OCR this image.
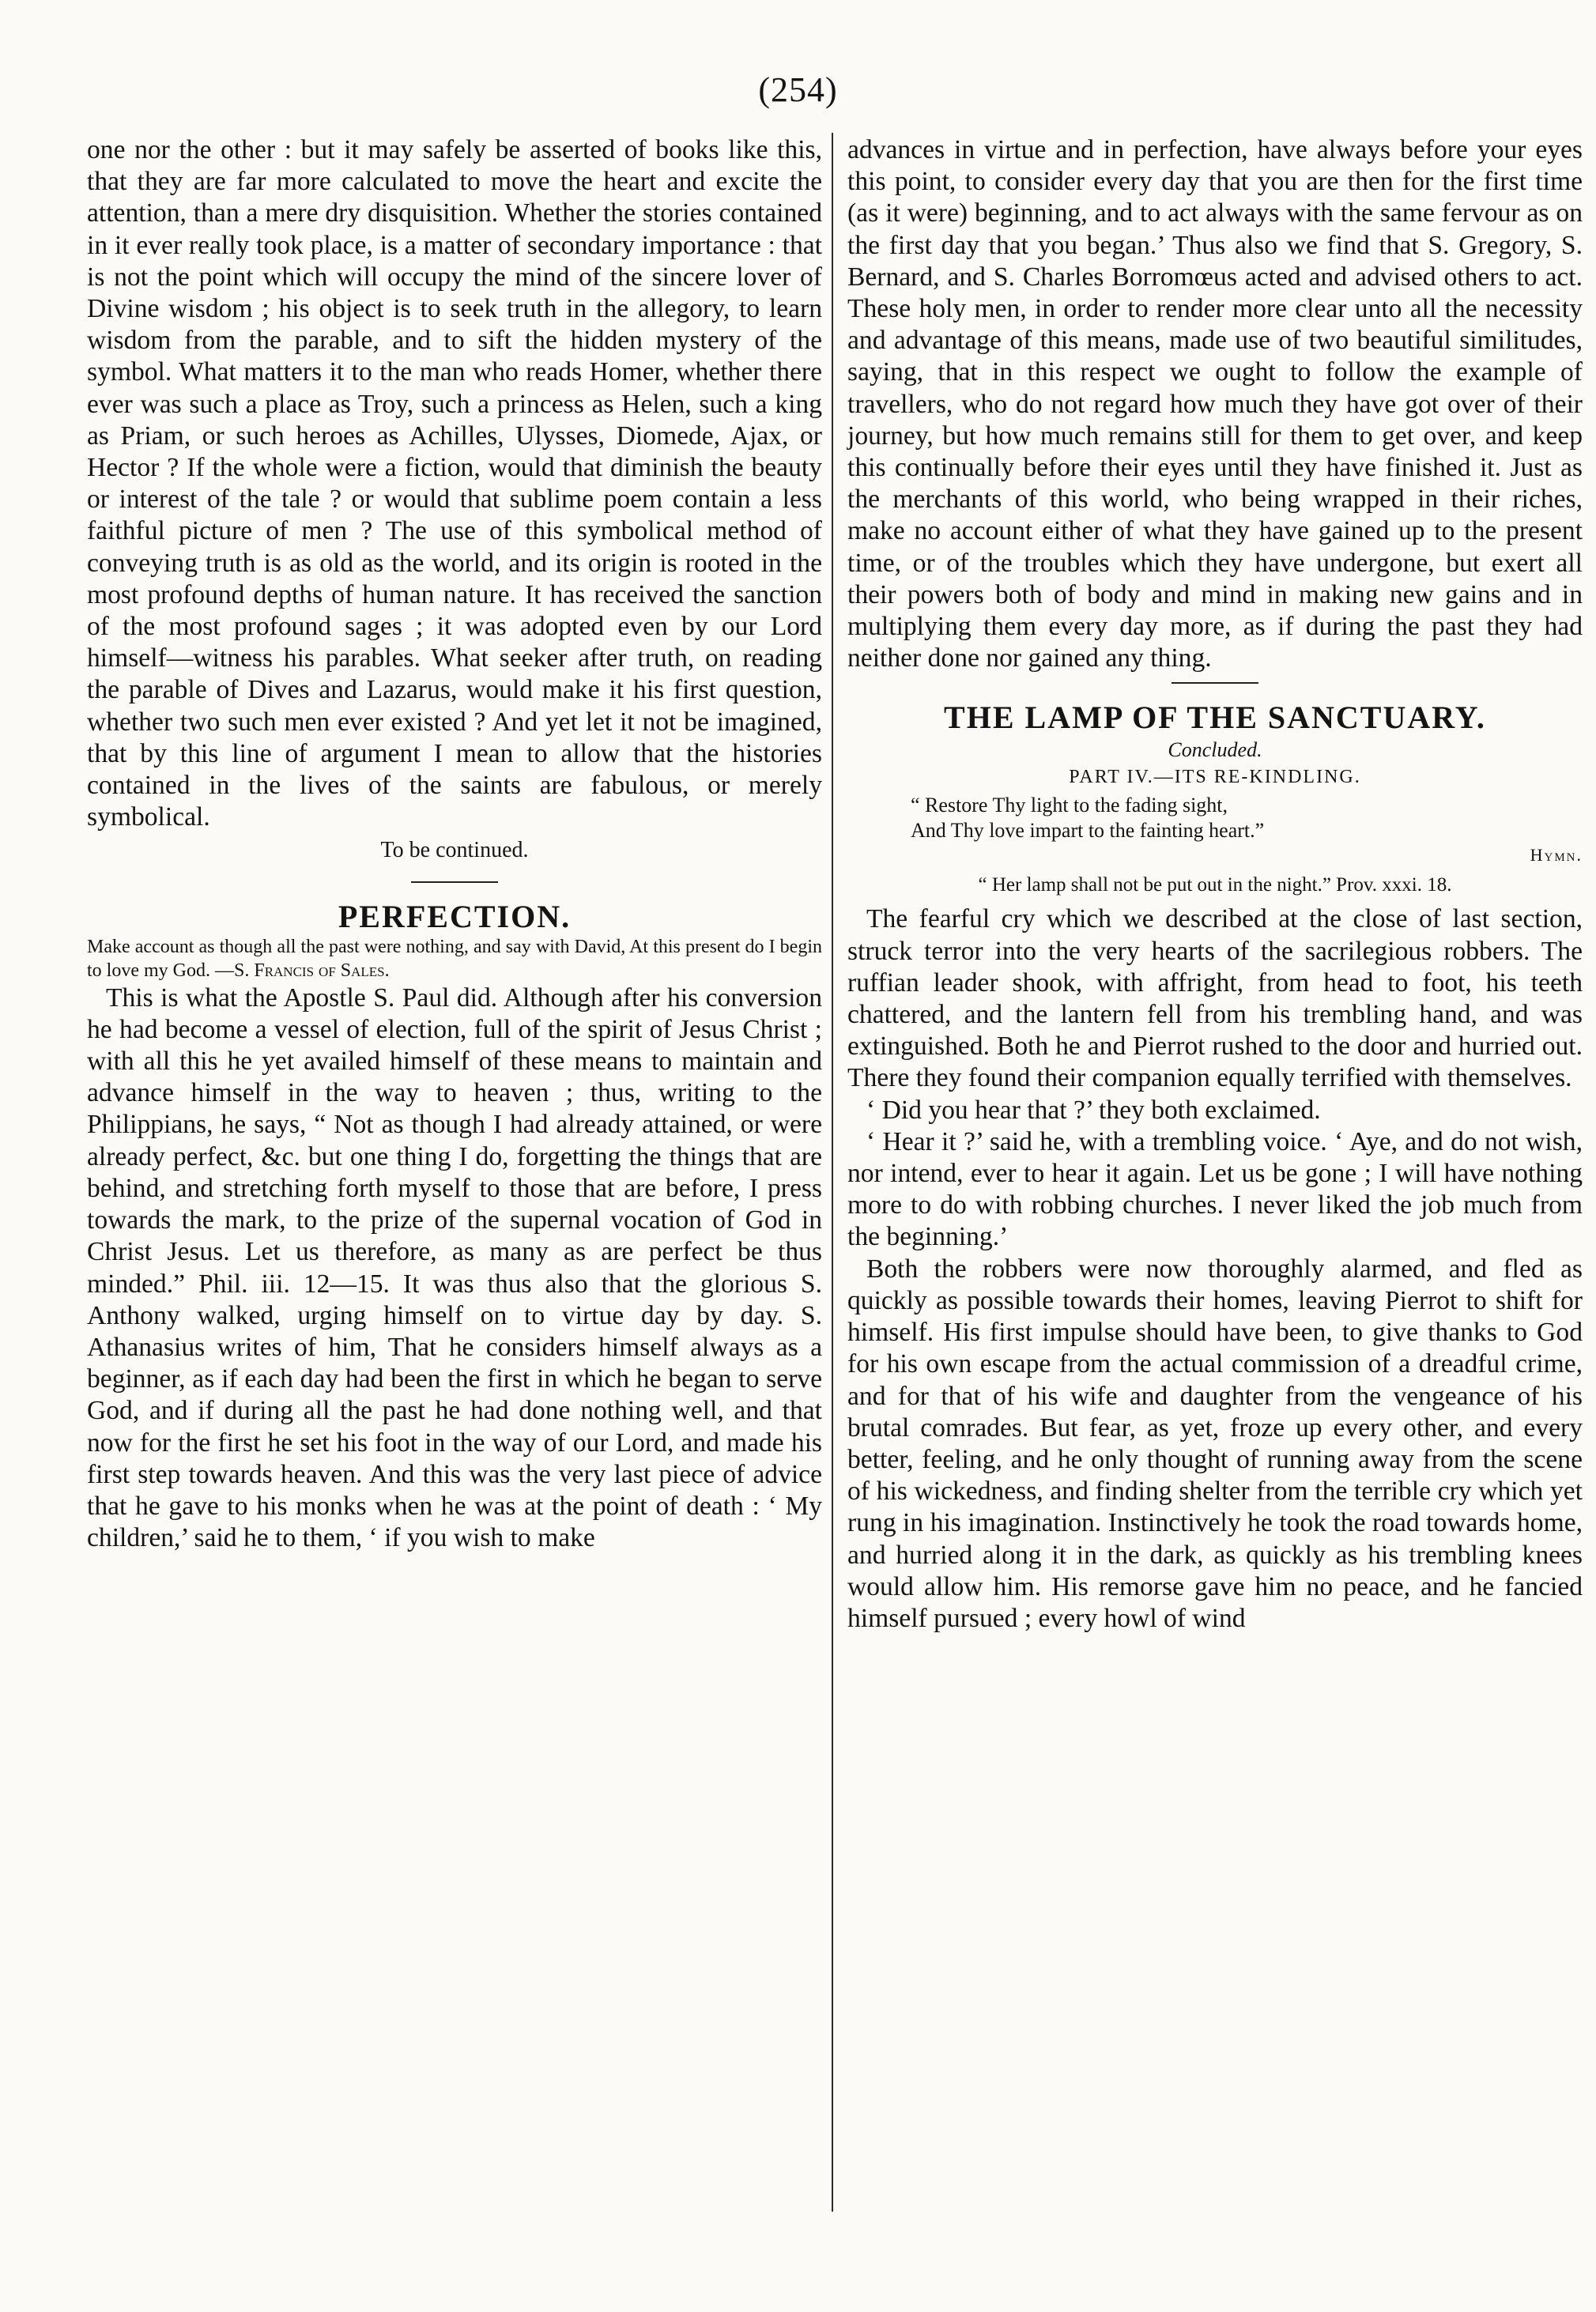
(254)

one nor the other : but it may safely be asserted of books like this, that they are far more calculated to move the heart and excite the attention, than a mere dry disquisition. Whether the stories contained in it ever really took place, is a matter of secondary importance : that is not the point which will occupy the mind of the sincere lover of Divine wisdom ; his object is to seek truth in the allegory, to learn wisdom from the parable, and to sift the hidden mystery of the symbol. What matters it to the man who reads Homer, whether there ever was such a place as Troy, such a princess as Helen, such a king as Priam, or such heroes as Achilles, Ulysses, Diomede, Ajax, or Hector ? If the whole were a fiction, would that diminish the beauty or interest of the tale ? or would that sublime poem contain a less faithful picture of men ? The use of this symbolical method of conveying truth is as old as the world, and its origin is rooted in the most profound depths of human nature. It has received the sanction of the most profound sages ; it was adopted even by our Lord himself—witness his parables. What seeker after truth, on reading the parable of Dives and Lazarus, would make it his first question, whether two such men ever existed ? And yet let it not be imagined, that by this line of argument I mean to allow that the histories contained in the lives of the saints are fabulous, or merely symbolical.

To be continued.
PERFECTION.

Make account as though all the past were nothing, and say with David, At this present do I begin to love my God. —S. Francis of Sales.

This is what the Apostle S. Paul did. Although after his conversion he had become a vessel of election, full of the spirit of Jesus Christ ; with all this he yet availed himself of these means to maintain and advance himself in the way to heaven ; thus, writing to the Philippians, he says, “ Not as though I had already attained, or were already perfect, &c. but one thing I do, forgetting the things that are behind, and stretching forth myself to those that are before, I press towards the mark, to the prize of the supernal vocation of God in Christ Jesus. Let us therefore, as many as are perfect be thus minded.” Phil. iii. 12—15. It was thus also that the glorious S. Anthony walked, urging himself on to virtue day by day. S. Athanasius writes of him, That he considers himself always as a beginner, as if each day had been the first in which he began to serve God, and if during all the past he had done nothing well, and that now for the first he set his foot in the way of our Lord, and made his first step towards heaven. And this was the very last piece of advice that he gave to his monks when he was at the point of death : ‘ My children,’ said he to them, ‘ if you wish to make

advances in virtue and in perfection, have always before your eyes this point, to consider every day that you are then for the first time (as it were) beginning, and to act always with the same fervour as on the first day that you began.’ Thus also we find that S. Gregory, S. Bernard, and S. Charles Borromœus acted and advised others to act. These holy men, in order to render more clear unto all the necessity and advantage of this means, made use of two beautiful similitudes, saying, that in this respect we ought to follow the example of travellers, who do not regard how much they have got over of their journey, but how much remains still for them to get over, and keep this continually before their eyes until they have finished it. Just as the merchants of this world, who being wrapped in their riches, make no account either of what they have gained up to the present time, or of the troubles which they have undergone, but exert all their powers both of body and mind in making new gains and in multiplying them every day more, as if during the past they had neither done nor gained any thing.

THE LAMP OF THE SANCTUARY.
Concluded.
PART IV.—ITS RE-KINDLING.
“ Restore Thy light to the fading sight,
And Thy love impart to the fainting heart.”
Hymn.
“ Her lamp shall not be put out in the night.” Prov. xxxi. 18.

The fearful cry which we described at the close of last section, struck terror into the very hearts of the sacrilegious robbers. The ruffian leader shook, with affright, from head to foot, his teeth chattered, and the lantern fell from his trembling hand, and was extinguished. Both he and Pierrot rushed to the door and hurried out. There they found their companion equally terrified with themselves.

‘ Did you hear that ?’ they both exclaimed.

‘ Hear it ?’ said he, with a trembling voice. ‘ Aye, and do not wish, nor intend, ever to hear it again. Let us be gone ; I will have nothing more to do with robbing churches. I never liked the job much from the beginning.’

Both the robbers were now thoroughly alarmed, and fled as quickly as possible towards their homes, leaving Pierrot to shift for himself. His first impulse should have been, to give thanks to God for his own escape from the actual commission of a dreadful crime, and for that of his wife and daughter from the vengeance of his brutal comrades. But fear, as yet, froze up every other, and every better, feeling, and he only thought of running away from the scene of his wickedness, and finding shelter from the terrible cry which yet rung in his imagination. Instinctively he took the road towards home, and hurried along it in the dark, as quickly as his trembling knees would allow him. His remorse gave him no peace, and he fancied himself pursued ; every howl of wind
